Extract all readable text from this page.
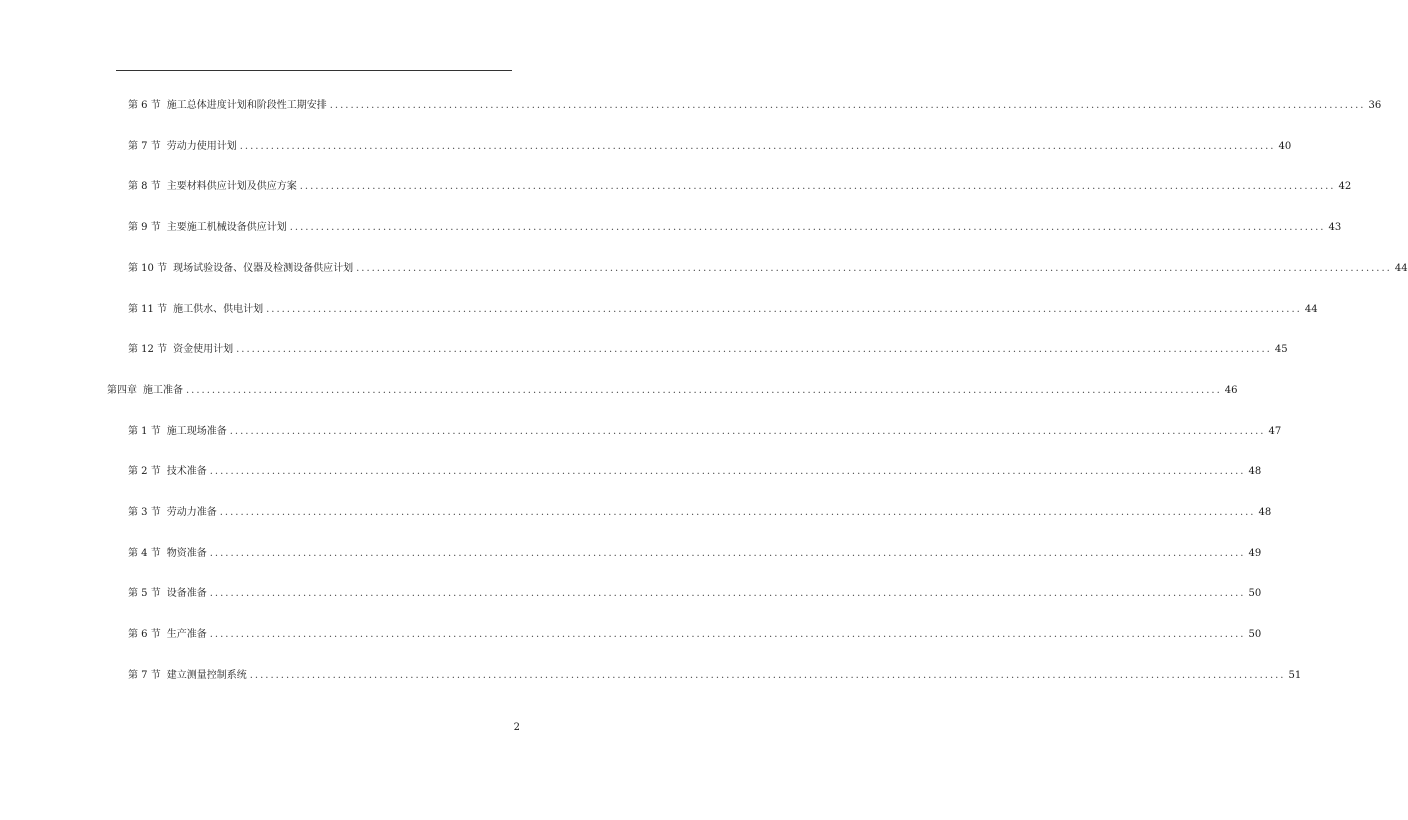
第 6 节 施工总体进度计划和阶段性工期安排 ........................................................................................................................................................................................................ 36
第 7 节 劳动力使用计划 ........................................................................................................................................................................................................ 40
第 8 节 主要材料供应计划及供应方案 ........................................................................................................................................................................................................ 42
第 9 节 主要施工机械设备供应计划 ........................................................................................................................................................................................................ 43
第 10 节 现场试验设备、仪器及检测设备供应计划 ........................................................................................................................................................................................................ 44
第 11 节 施工供水、供电计划 ........................................................................................................................................................................................................ 44
第 12 节 资金使用计划 ........................................................................................................................................................................................................ 45
第四章 施工准备 ........................................................................................................................................................................................................ 46
第 1 节 施工现场准备 ........................................................................................................................................................................................................ 47
第 2 节 技术准备 ........................................................................................................................................................................................................ 48
第 3 节 劳动力准备 ........................................................................................................................................................................................................ 48
第 4 节 物资准备 ........................................................................................................................................................................................................ 49
第 5 节 设备准备 ........................................................................................................................................................................................................ 50
第 6 节 生产准备 ........................................................................................................................................................................................................ 50
第 7 节 建立测量控制系统 ........................................................................................................................................................................................................ 51
2
